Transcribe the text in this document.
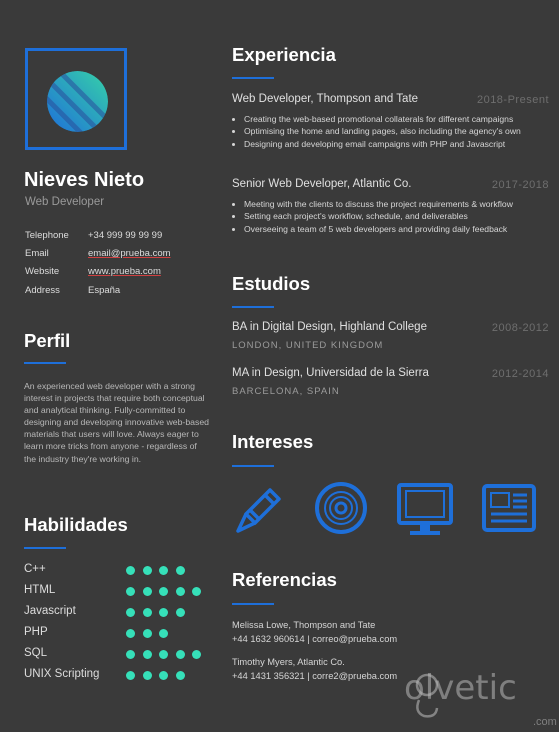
Nieves Nieto
Web Developer
Telephone +34 999 99 99 99
Email	email@prueba.com
Website	www.prueba.com
Address	España
Perfil
An experienced web developer with a strong interest in projects that require both conceptual and analytical thinking. Fully-committed to designing and developing innovative web-based materials that users will love. Always eager to learn more tricks from anyone - regardless of the industry they're working in.
Habilidades
C++
HTML
Javascript
PHP
SQL
UNIX Scripting
Experiencia
Web Developer, Thompson and Tate	2018-Present
• Creating the web-based promotional collaterals for different campaigns
• Optimising the home and landing pages, also including the agency's own
• Designing and developing email campaigns with PHP and Javascript
Senior Web Developer, Atlantic Co.	2017-2018
• Meeting with the clients to discuss the project requirements & workflow
• Setting each project's workflow, schedule, and deliverables
• Overseeing a team of 5 web developers and providing daily feedback
Estudios
BA in Digital Design, Highland College	2008-2012
LONDON, UNITED KINGDOM
MA in Design, Universidad de la Sierra	2012-2014
BARCELONA, SPAIN
Intereses
Referencias
Melissa Lowe, Thompson and Tate
+44 1632 960614 | correo@prueba.com
Timothy Myers, Atlantic Co.
+44 1431 356321 | corre2@prueba.com olvetic
.com
